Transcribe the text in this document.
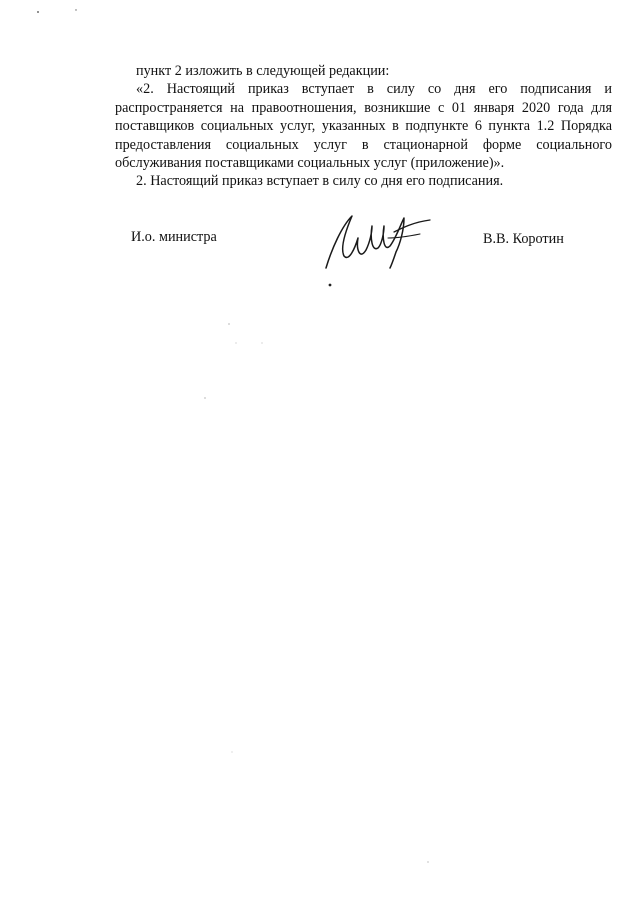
пункт 2 изложить в следующей редакции:

«2. Настоящий приказ вступает в силу со дня его подписания и распространяется на правоотношения, возникшие с 01 января 2020 года для поставщиков социальных услуг, указанных в подпункте 6 пункта 1.2 Порядка предоставления социальных услуг в стационарной форме социального обслуживания поставщиками социальных услуг (приложение)».

2. Настоящий приказ вступает в силу со дня его подписания.

И.о. министра	В.В. Коротин
